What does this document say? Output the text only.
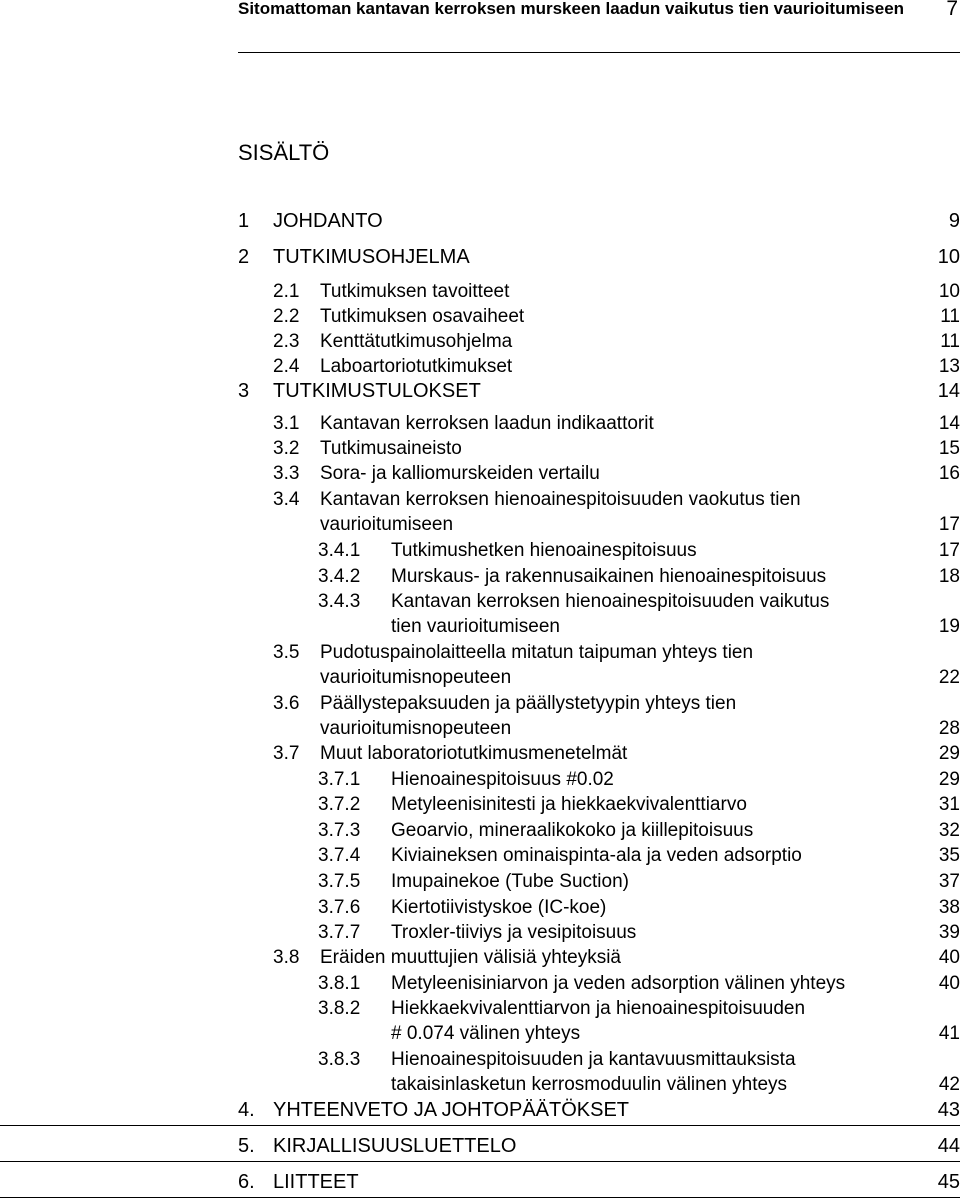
Sitomattoman kantavan kerroksen murskeen laadun vaikutus tien vaurioitumiseen 7
SISÄLTÖ
1 JOHDANTO	9
2 TUTKIMUSOHJELMA	10
2.1 Tutkimuksen tavoitteet	10
2.2 Tutkimuksen osavaiheet	11
2.3 Kenttätutkimusohjelma	11
2.4 Laboartoriotutkimukset	13
3 TUTKIMUSTULOKSET	14
3.1 Kantavan kerroksen laadun indikaattorit	14
3.2 Tutkimusaineisto	15
3.3 Sora- ja kalliomurskeiden vertailu	16
3.4 Kantavan kerroksen hienoainespitoisuuden vaokutus tien
vaurioitumiseen	17
3.4.1 Tutkimushetken hienoainespitoisuus	17
3.4.2 Murskaus- ja rakennusaikainen hienoainespitoisuus	18
3.4.3 Kantavan kerroksen hienoainespitoisuuden vaikutus
tien vaurioitumiseen	19
3.5 Pudotuspainolaitteella mitatun taipuman yhteys tien
vaurioitumisnopeuteen	22
3.6 Päällystepaksuuden ja päällystetyypin yhteys tien
vaurioitumisnopeuteen	28
3.7 Muut laboratoriotutkimusmenetelmät	29
3.7.1 Hienoainespitoisuus #0.02	29
3.7.2 Metyleenisinitesti ja hiekkaekvivalenttiarvo	31
3.7.3 Geoarvio, mineraalikokoko ja kiillepitoisuus	32
3.7.4 Kiviaineksen ominaispinta-ala ja veden adsorptio	35
3.7.5 Imupainekoe (Tube Suction)	37
3.7.6 Kiertotiivistyskoe (IC-koe)	38
3.7.7 Troxler-tiiviys ja vesipitoisuus	39
3.8 Eräiden muuttujien välisiä yhteyksiä	40
3.8.1 Metyleenisiniarvon ja veden adsorption välinen yhteys	40
3.8.2 Hiekkaekvivalenttiarvon ja hienoainespitoisuuden
# 0.074 välinen yhteys	41
3.8.3 Hienoainespitoisuuden ja kantavuusmittauksista
takaisinlasketun kerrosmoduulin välinen yhteys	42
4. YHTEENVETO JA JOHTOPÄÄTÖKSET	43
5. KIRJALLISUUSLUETTELO	44
6. LIITTEET	45
